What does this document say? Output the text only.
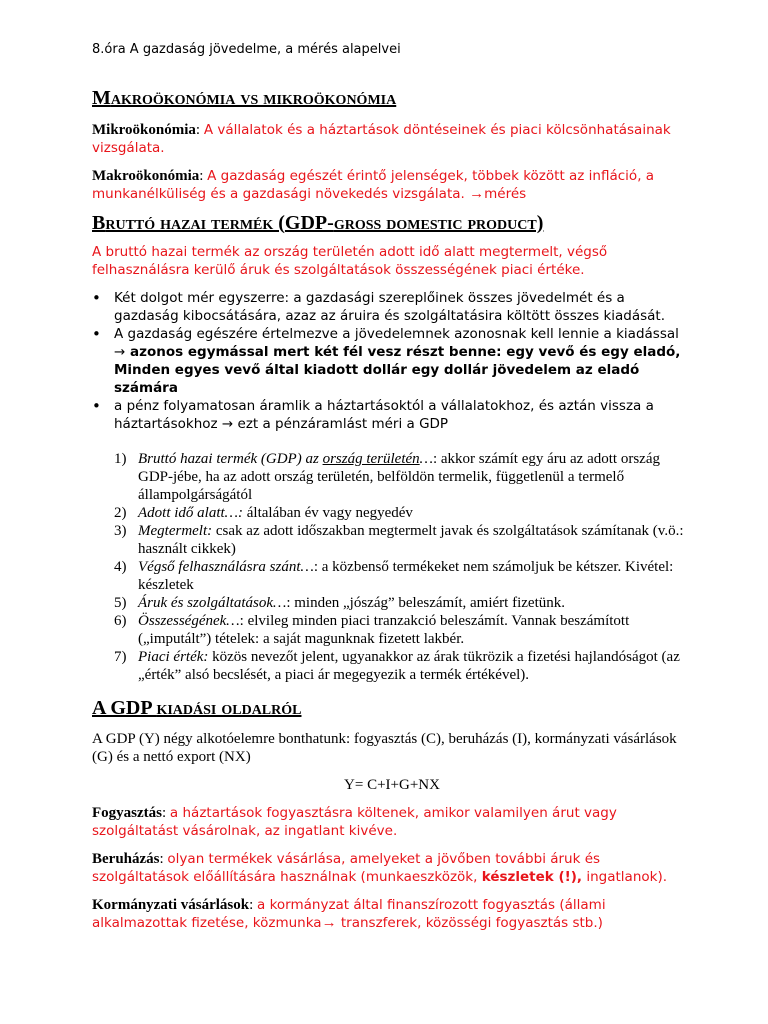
8.óra A gazdaság jövedelme, a mérés alapelvei
Makroökonómia vs mikroökonómia

Mikroökonómia: A vállalatok és a háztartások döntéseinek és piaci kölcsönhatásainak vizsgálata.

Makroökonómia: A gazdaság egészét érintő jelenségek, többek között az infláció, a munkanélküliség és a gazdasági növekedés vizsgálata. →mérés

Bruttó hazai termék (GDP-gross domestic product)

A bruttó hazai termék az ország területén adott idő alatt megtermelt, végső felhasználásra kerülő áruk és szolgáltatások összességének piaci értéke.

• Két dolgot mér egyszerre: a gazdasági szereplőinek összes jövedelmét és a gazdaság kibocsátására, azaz az áruira és szolgáltatásira költött összes kiadását.
• A gazdaság egészére értelmezve a jövedelemnek azonosnak kell lennie a kiadással → azonos egymással mert két fél vesz részt benne: egy vevő és egy eladó, Minden egyes vevő által kiadott dollár egy dollár jövedelem az eladó számára
• a pénz folyamatosan áramlik a háztartásoktól a vállalatokhoz, és aztán vissza a háztartásokhoz → ezt a pénzáramlást méri a GDP
1) Bruttó hazai termék (GDP) az ország területén…: akkor számít egy áru az adott ország GDP-jébe, ha az adott ország területén, belföldön termelik, függetlenül a termelő állampolgárságától
2) Adott idő alatt…: általában év vagy negyedév
3) Megtermelt: csak az adott időszakban megtermelt javak és szolgáltatások számítanak (v.ö.: használt cikkek)
4) Végső felhasználásra szánt…: a közbenső termékeket nem számoljuk be kétszer. Kivétel: készletek
5) Áruk és szolgáltatások…: minden „jószág” beleszámít, amiért fizetünk.
6) Összességének…: elvileg minden piaci tranzakció beleszámít. Vannak beszámított („imputált”) tételek: a saját magunknak fizetett lakbér.
7) Piaci érték: közös nevezőt jelent, ugyanakkor az árak tükrözik a fizetési hajlandóságot (az „érték” alsó becslését, a piaci ár megegyezik a termék értékével).
A GDP kiadási oldalról

A GDP (Y) négy alkotóelemre bonthatunk: fogyasztás (C), beruházás (I), kormányzati vásárlások (G) és a nettó export (NX)

Y= C+I+G+NX

Fogyasztás: a háztartások fogyasztásra költenek, amikor valamilyen árut vagy szolgáltatást vásárolnak, az ingatlant kivéve.

Beruházás: olyan termékek vásárlása, amelyeket a jövőben további áruk és szolgáltatások előállítására használnak (munkaeszközök, készletek (!), ingatlanok).

Kormányzati vásárlások: a kormányzat által finanszírozott fogyasztás (állami alkalmazottak fizetése, közmunka→ transzferek, közösségi fogyasztás stb.)
